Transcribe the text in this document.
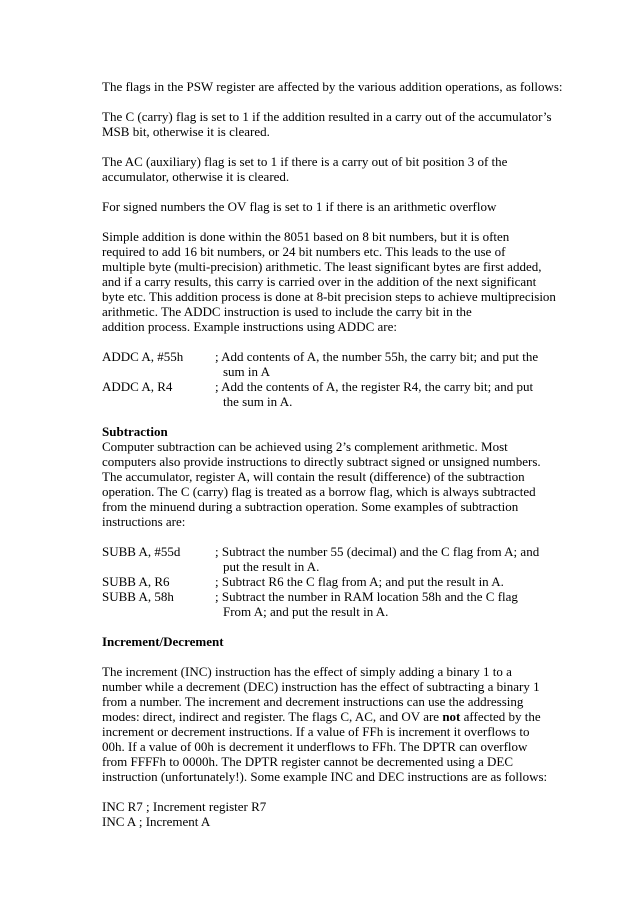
The flags in the PSW register are affected by the various addition operations, as follows:
The C (carry) flag is set to 1 if the addition resulted in a carry out of the accumulator’s
MSB bit, otherwise it is cleared.
The AC (auxiliary) flag is set to 1 if there is a carry out of bit position 3 of the
accumulator, otherwise it is cleared.
For signed numbers the OV flag is set to 1 if there is an arithmetic overflow
Simple addition is done within the 8051 based on 8 bit numbers, but it is often
required to add 16 bit numbers, or 24 bit numbers etc. This leads to the use of
multiple byte (multi-precision) arithmetic. The least significant bytes are first added,
and if a carry results, this carry is carried over in the addition of the next significant
byte etc. This addition process is done at 8-bit precision steps to achieve multiprecision
arithmetic. The ADDC instruction is used to include the carry bit in the
addition process. Example instructions using ADDC are:
ADDC A, #55h ; Add contents of A, the number 55h, the carry bit; and put the
sum in A
ADDC A, R4	; Add the contents of A, the register R4, the carry bit; and put
the sum in A.
Subtraction
Computer subtraction can be achieved using 2’s complement arithmetic. Most
computers also provide instructions to directly subtract signed or unsigned numbers.
The accumulator, register A, will contain the result (difference) of the subtraction
operation. The C (carry) flag is treated as a borrow flag, which is always subtracted
from the minuend during a subtraction operation. Some examples of subtraction
instructions are:
SUBB A, #55d	; Subtract the number 55 (decimal) and the C flag from A; and
put the result in A.
SUBB A, R6	; Subtract R6 the C flag from A; and put the result in A.
SUBB A, 58h	; Subtract the number in RAM location 58h and the C flag
From A; and put the result in A.
Increment/Decrement
The increment (INC) instruction has the effect of simply adding a binary 1 to a
number while a decrement (DEC) instruction has the effect of subtracting a binary 1
from a number. The increment and decrement instructions can use the addressing
modes: direct, indirect and register. The flags C, AC, and OV are not affected by the
increment or decrement instructions. If a value of FFh is increment it overflows to
00h. If a value of 00h is decrement it underflows to FFh. The DPTR can overflow
from FFFFh to 0000h. The DPTR register cannot be decremented using a DEC
instruction (unfortunately!). Some example INC and DEC instructions are as follows:
INC R7 ; Increment register R7
INC A ; Increment A
